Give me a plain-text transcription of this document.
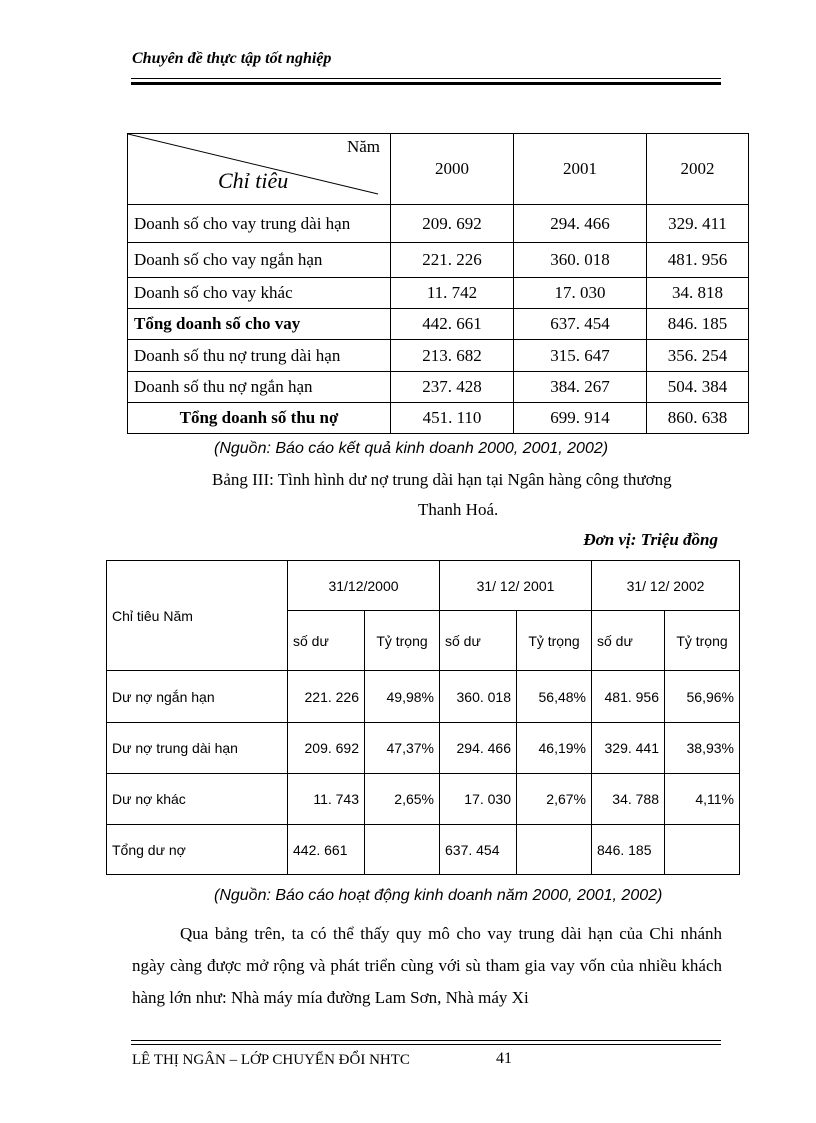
Chuyên đề thực tập tốt nghiệp
Năm
Chỉ tiêu	2000	2001	2002
Doanh số cho vay trung dài hạn	209. 692	294. 466	329. 411
Doanh số cho vay ngắn hạn	221. 226	360. 018	481. 956
Doanh số cho vay khác	11. 742	17. 030	34. 818
Tổng doanh số cho vay	442. 661	637. 454	846. 185
Doanh số thu nợ trung dài hạn	213. 682	315. 647	356. 254
Doanh số thu nợ ngắn hạn	237. 428	384. 267	504. 384
Tổng doanh số thu nợ	451. 110	699. 914	860. 638
(Nguồn: Báo cáo kết quả kinh doanh 2000, 2001, 2002)
Bảng III: Tình hình dư nợ trung dài hạn tại Ngân hàng công thương
Thanh Hoá.
Đơn vị: Triệu đồng
Chỉ tiêu Năm	31/12/2000		31/ 12/ 2001		31/ 12/ 2002	
	số dư	Tỷ trọng	số dư	Tỷ trọng	số dư	Tỷ trọng
Dư nợ ngắn hạn	221. 226	49,98%	360. 018	56,48%	481. 956	56,96%
Dư nợ trung dài hạn	209. 692	47,37%	294. 466	46,19%	329. 441	38,93%
Dư nợ khác	11. 743	2,65%	17. 030	2,67%	34. 788	4,11%
Tổng dư nợ	442. 661		637. 454		846. 185	
(Nguồn: Báo cáo hoạt động kinh doanh năm 2000, 2001, 2002)

Qua bảng trên, ta có thể thấy quy mô cho vay trung dài hạn của Chi nhánh ngày càng được mở rộng và phát triển cùng với sù tham gia vay vốn của nhiều khách hàng lớn như: Nhà máy mía đường Lam Sơn, Nhà máy Xi

LÊ THỊ NGÂN – LỚP CHUYỂN ĐỔI NHTC	41
